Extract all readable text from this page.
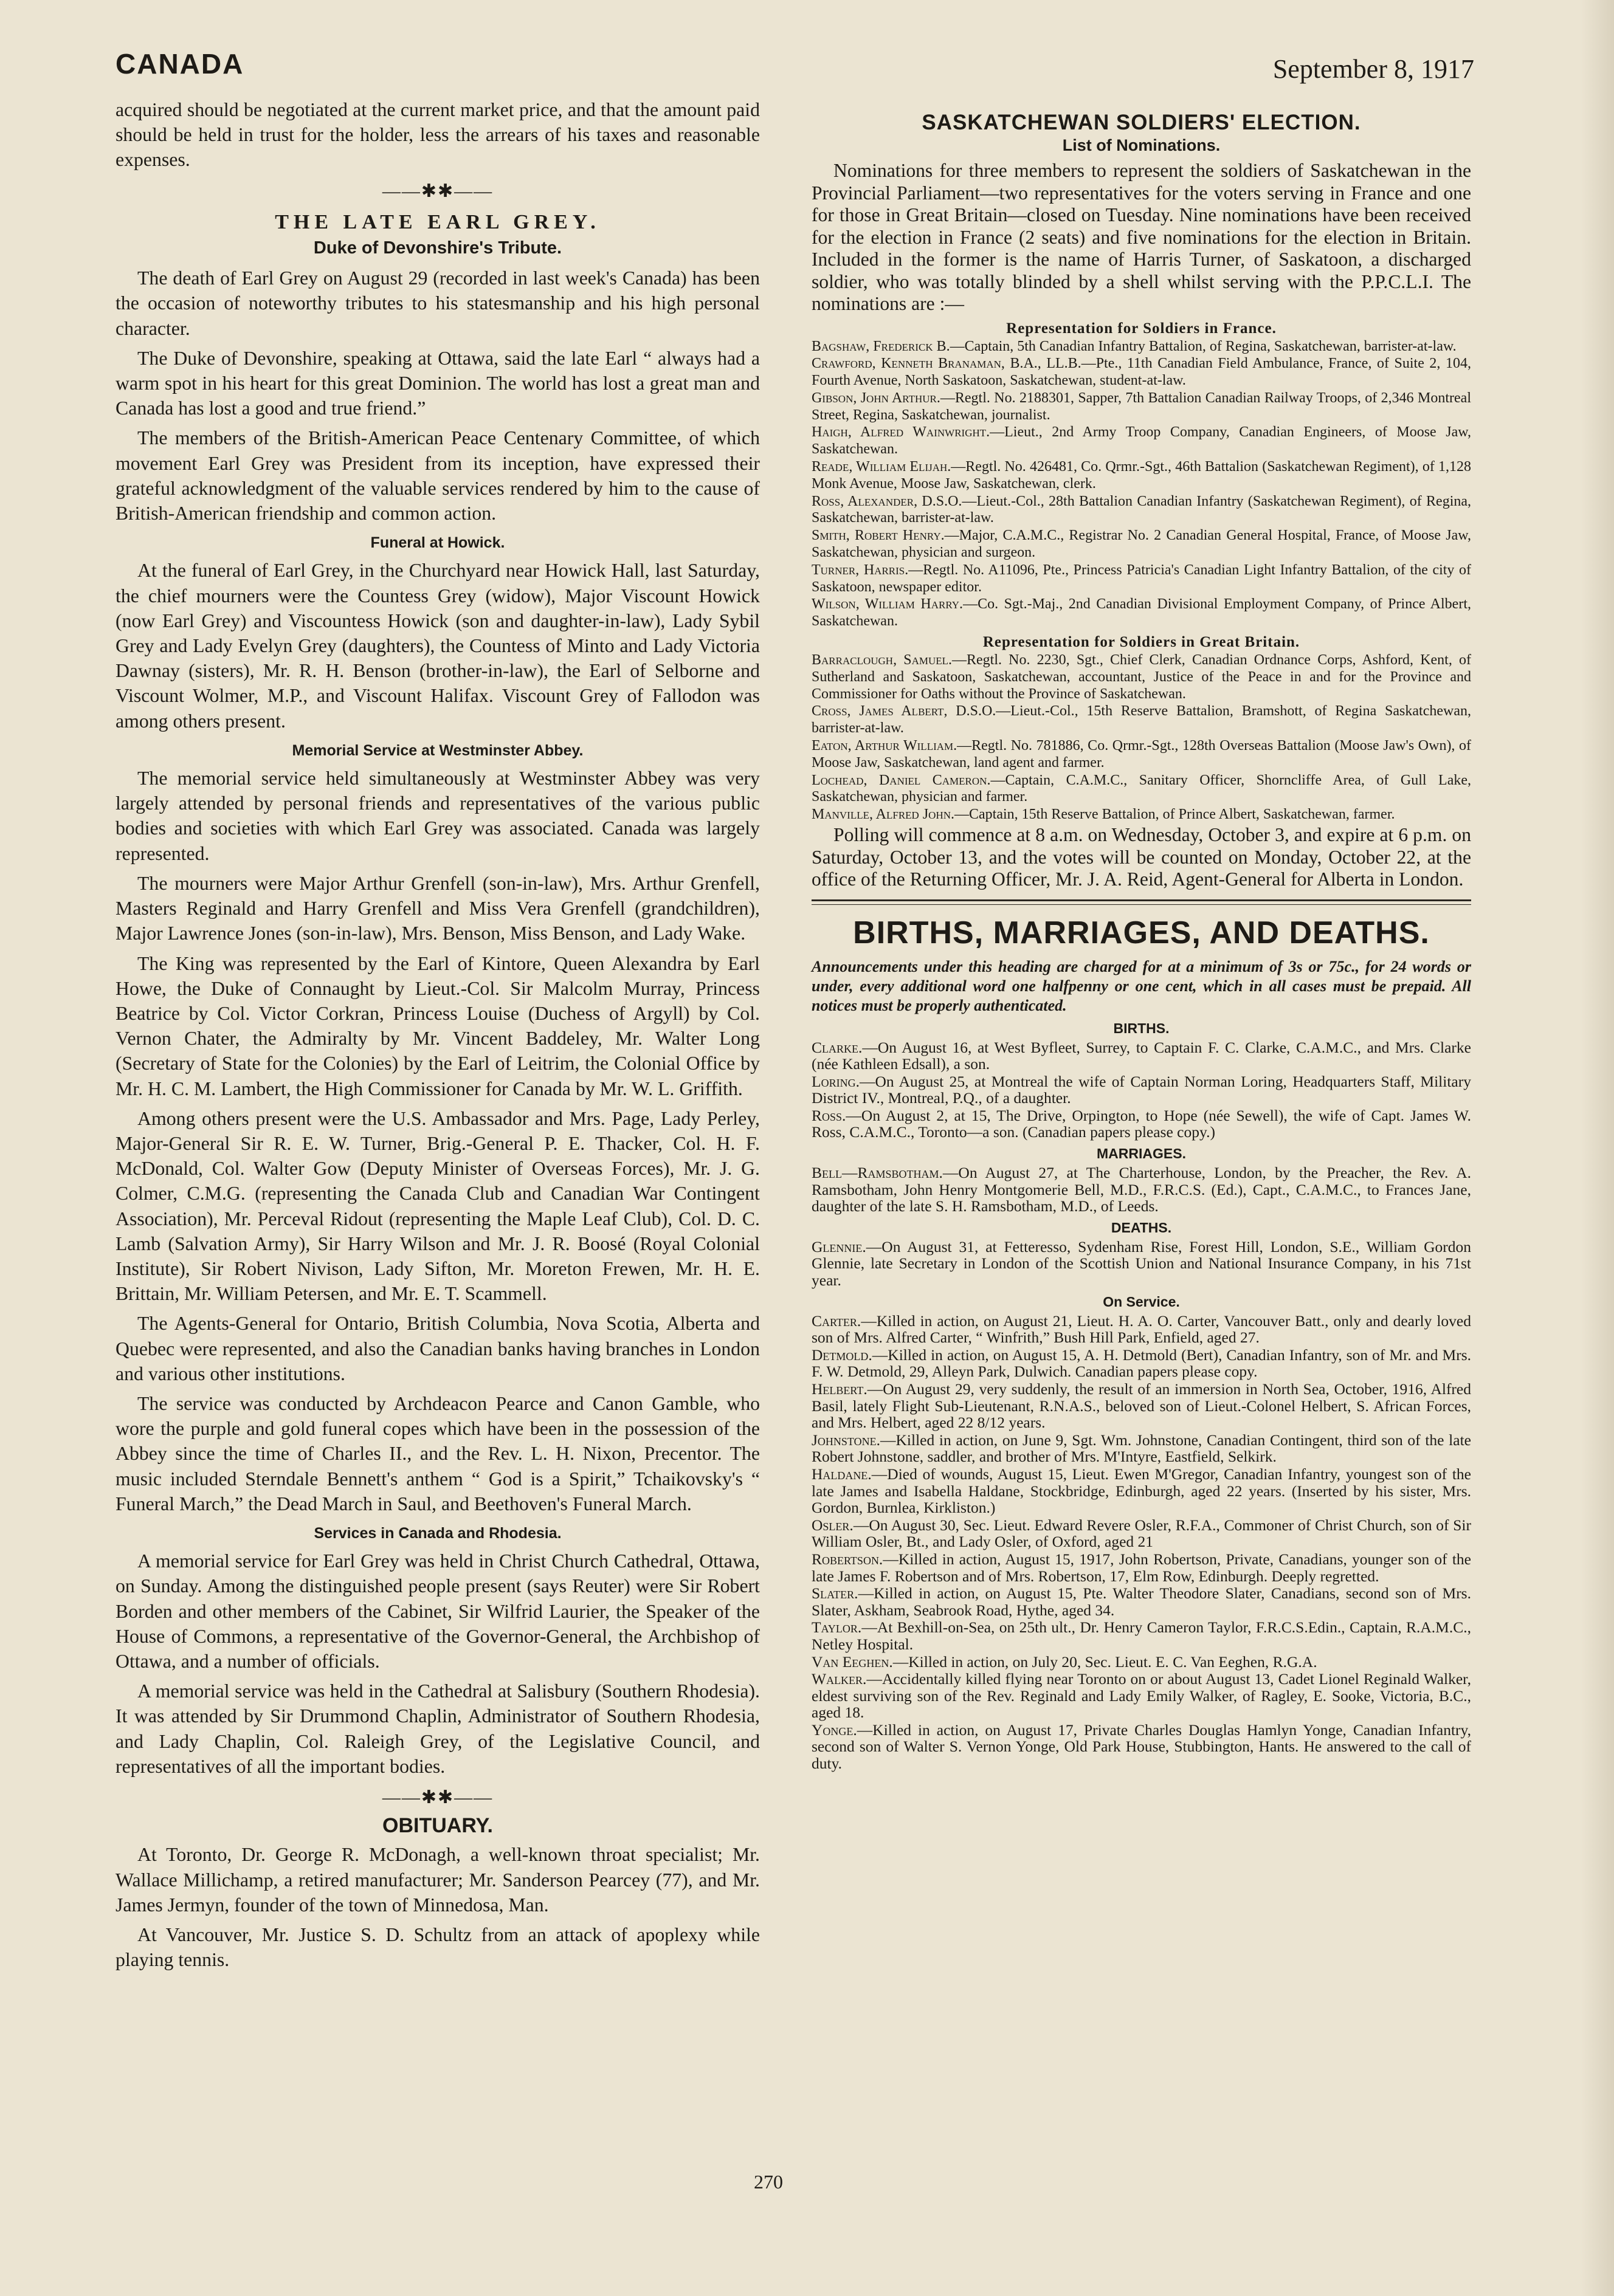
CANADA	September 8, 1917

acquired should be negotiated at the current market price, and that the amount paid should be held in trust for the holder, less the arrears of his taxes and reasonable expenses.

——✱✱——
THE LATE EARL GREY.
Duke of Devonshire's Tribute.

The death of Earl Grey on August 29 (recorded in last week's Canada) has been the occasion of noteworthy tributes to his statesmanship and his high personal character.

The Duke of Devonshire, speaking at Ottawa, said the late Earl “ always had a warm spot in his heart for this great Dominion. The world has lost a great man and Canada has lost a good and true friend.”

The members of the British-American Peace Centenary Committee, of which movement Earl Grey was President from its inception, have expressed their grateful acknowledgment of the valuable services rendered by him to the cause of British-American friendship and common action.

Funeral at Howick.

At the funeral of Earl Grey, in the Churchyard near Howick Hall, last Saturday, the chief mourners were the Countess Grey (widow), Major Viscount Howick (now Earl Grey) and Viscountess Howick (son and daughter-in-law), Lady Sybil Grey and Lady Evelyn Grey (daughters), the Countess of Minto and Lady Victoria Dawnay (sisters), Mr. R. H. Benson (brother-in-law), the Earl of Selborne and Viscount Wolmer, M.P., and Viscount Halifax. Viscount Grey of Fallodon was among others present.

Memorial Service at Westminster Abbey.

The memorial service held simultaneously at Westminster Abbey was very largely attended by personal friends and representatives of the various public bodies and societies with which Earl Grey was associated. Canada was largely represented.

The mourners were Major Arthur Grenfell (son-in-law), Mrs. Arthur Grenfell, Masters Reginald and Harry Grenfell and Miss Vera Grenfell (grandchildren), Major Lawrence Jones (son-in-law), Mrs. Benson, Miss Benson, and Lady Wake.

The King was represented by the Earl of Kintore, Queen Alexandra by Earl Howe, the Duke of Connaught by Lieut.-Col. Sir Malcolm Murray, Princess Beatrice by Col. Victor Corkran, Princess Louise (Duchess of Argyll) by Col. Vernon Chater, the Admiralty by Mr. Vincent Baddeley, Mr. Walter Long (Secretary of State for the Colonies) by the Earl of Leitrim, the Colonial Office by Mr. H. C. M. Lambert, the High Commissioner for Canada by Mr. W. L. Griffith.

Among others present were the U.S. Ambassador and Mrs. Page, Lady Perley, Major-General Sir R. E. W. Turner, Brig.-General P. E. Thacker, Col. H. F. McDonald, Col. Walter Gow (Deputy Minister of Overseas Forces), Mr. J. G. Colmer, C.M.G. (representing the Canada Club and Canadian War Contingent Association), Mr. Perceval Ridout (representing the Maple Leaf Club), Col. D. C. Lamb (Salvation Army), Sir Harry Wilson and Mr. J. R. Boosé (Royal Colonial Institute), Sir Robert Nivison, Lady Sifton, Mr. Moreton Frewen, Mr. H. E. Brittain, Mr. William Petersen, and Mr. E. T. Scammell.

The Agents-General for Ontario, British Columbia, Nova Scotia, Alberta and Quebec were represented, and also the Canadian banks having branches in London and various other institutions.

The service was conducted by Archdeacon Pearce and Canon Gamble, who wore the purple and gold funeral copes which have been in the possession of the Abbey since the time of Charles II., and the Rev. L. H. Nixon, Precentor. The music included Sterndale Bennett's anthem “ God is a Spirit,” Tchaikovsky's “ Funeral March,” the Dead March in Saul, and Beethoven's Funeral March.

Services in Canada and Rhodesia.

A memorial service for Earl Grey was held in Christ Church Cathedral, Ottawa, on Sunday. Among the distinguished people present (says Reuter) were Sir Robert Borden and other members of the Cabinet, Sir Wilfrid Laurier, the Speaker of the House of Commons, a representative of the Governor-General, the Archbishop of Ottawa, and a number of officials.

A memorial service was held in the Cathedral at Salisbury (Southern Rhodesia). It was attended by Sir Drummond Chaplin, Administrator of Southern Rhodesia, and Lady Chaplin, Col. Raleigh Grey, of the Legislative Council, and representatives of all the important bodies.

——✱✱——
OBITUARY.

At Toronto, Dr. George R. McDonagh, a well-known throat specialist; Mr. Wallace Millichamp, a retired manufacturer; Mr. Sanderson Pearcey (77), and Mr. James Jermyn, founder of the town of Minnedosa, Man.

At Vancouver, Mr. Justice S. D. Schultz from an attack of apoplexy while playing tennis.

SASKATCHEWAN SOLDIERS' ELECTION.
List of Nominations.

Nominations for three members to represent the soldiers of Saskatchewan in the Provincial Parliament—two representatives for the voters serving in France and one for those in Great Britain—closed on Tuesday. Nine nominations have been received for the election in France (2 seats) and five nominations for the election in Britain. Included in the former is the name of Harris Turner, of Saskatoon, a discharged soldier, who was totally blinded by a shell whilst serving with the P.P.C.L.I. The nominations are :—

Representation for Soldiers in France.

Bagshaw, Frederick B.—Captain, 5th Canadian Infantry Battalion, of Regina, Saskatchewan, barrister-at-law.

Crawford, Kenneth Branaman, B.A., LL.B.—Pte., 11th Canadian Field Ambulance, France, of Suite 2, 104, Fourth Avenue, North Saskatoon, Saskatchewan, student-at-law.

Gibson, John Arthur.—Regtl. No. 2188301, Sapper, 7th Battalion Canadian Railway Troops, of 2,346 Montreal Street, Regina, Saskatchewan, journalist.

Haigh, Alfred Wainwright.—Lieut., 2nd Army Troop Company, Canadian Engineers, of Moose Jaw, Saskatchewan.

Reade, William Elijah.—Regtl. No. 426481, Co. Qrmr.-Sgt., 46th Battalion (Saskatchewan Regiment), of 1,128 Monk Avenue, Moose Jaw, Saskatchewan, clerk.

Ross, Alexander, D.S.O.—Lieut.-Col., 28th Battalion Canadian Infantry (Saskatchewan Regiment), of Regina, Saskatchewan, barrister-at-law.

Smith, Robert Henry.—Major, C.A.M.C., Registrar No. 2 Canadian General Hospital, France, of Moose Jaw, Saskatchewan, physician and surgeon.

Turner, Harris.—Regtl. No. A11096, Pte., Princess Patricia's Canadian Light Infantry Battalion, of the city of Saskatoon, newspaper editor.

Wilson, William Harry.—Co. Sgt.-Maj., 2nd Canadian Divisional Employment Company, of Prince Albert, Saskatchewan.

Representation for Soldiers in Great Britain.

Barraclough, Samuel.—Regtl. No. 2230, Sgt., Chief Clerk, Canadian Ordnance Corps, Ashford, Kent, of Sutherland and Saskatoon, Saskatchewan, accountant, Justice of the Peace in and for the Province and Commissioner for Oaths without the Province of Saskatchewan.

Cross, James Albert, D.S.O.—Lieut.-Col., 15th Reserve Battalion, Bramshott, of Regina Saskatchewan, barrister-at-law.

Eaton, Arthur William.—Regtl. No. 781886, Co. Qrmr.-Sgt., 128th Overseas Battalion (Moose Jaw's Own), of Moose Jaw, Saskatchewan, land agent and farmer.

Lochead, Daniel Cameron.—Captain, C.A.M.C., Sanitary Officer, Shorncliffe Area, of Gull Lake, Saskatchewan, physician and farmer.

Manville, Alfred John.—Captain, 15th Reserve Battalion, of Prince Albert, Saskatchewan, farmer.

Polling will commence at 8 a.m. on Wednesday, October 3, and expire at 6 p.m. on Saturday, October 13, and the votes will be counted on Monday, October 22, at the office of the Returning Officer, Mr. J. A. Reid, Agent-General for Alberta in London.

BIRTHS, MARRIAGES, AND DEATHS.
Announcements under this heading are charged for at a minimum of 3s or 75c., for 24 words or under, every additional word one halfpenny or one cent, which in all cases must be prepaid. All notices must be properly authenticated.
BIRTHS.

Clarke.—On August 16, at West Byfleet, Surrey, to Captain F. C. Clarke, C.A.M.C., and Mrs. Clarke (née Kathleen Edsall), a son.

Loring.—On August 25, at Montreal the wife of Captain Norman Loring, Headquarters Staff, Military District IV., Montreal, P.Q., of a daughter.

Ross.—On August 2, at 15, The Drive, Orpington, to Hope (née Sewell), the wife of Capt. James W. Ross, C.A.M.C., Toronto—a son. (Canadian papers please copy.)

MARRIAGES.

Bell—Ramsbotham.—On August 27, at The Charterhouse, London, by the Preacher, the Rev. A. Ramsbotham, John Henry Montgomerie Bell, M.D., F.R.C.S. (Ed.), Capt., C.A.M.C., to Frances Jane, daughter of the late S. H. Ramsbotham, M.D., of Leeds.

DEATHS.

Glennie.—On August 31, at Fetteresso, Sydenham Rise, Forest Hill, London, S.E., William Gordon Glennie, late Secretary in London of the Scottish Union and National Insurance Company, in his 71st year.

On Service.

Carter.—Killed in action, on August 21, Lieut. H. A. O. Carter, Vancouver Batt., only and dearly loved son of Mrs. Alfred Carter, “ Winfrith,” Bush Hill Park, Enfield, aged 27.

Detmold.—Killed in action, on August 15, A. H. Detmold (Bert), Canadian Infantry, son of Mr. and Mrs. F. W. Detmold, 29, Alleyn Park, Dulwich. Canadian papers please copy.

Helbert.—On August 29, very suddenly, the result of an immersion in North Sea, October, 1916, Alfred Basil, lately Flight Sub-Lieutenant, R.N.A.S., beloved son of Lieut.-Colonel Helbert, S. African Forces, and Mrs. Helbert, aged 22 8/12 years.

Johnstone.—Killed in action, on June 9, Sgt. Wm. Johnstone, Canadian Contingent, third son of the late Robert Johnstone, saddler, and brother of Mrs. M'Intyre, Eastfield, Selkirk.

Haldane.—Died of wounds, August 15, Lieut. Ewen M'Gregor, Canadian Infantry, youngest son of the late James and Isabella Haldane, Stockbridge, Edinburgh, aged 22 years. (Inserted by his sister, Mrs. Gordon, Burnlea, Kirkliston.)

Osler.—On August 30, Sec. Lieut. Edward Revere Osler, R.F.A., Commoner of Christ Church, son of Sir William Osler, Bt., and Lady Osler, of Oxford, aged 21

Robertson.—Killed in action, August 15, 1917, John Robertson, Private, Canadians, younger son of the late James F. Robertson and of Mrs. Robertson, 17, Elm Row, Edinburgh. Deeply regretted.

Slater.—Killed in action, on August 15, Pte. Walter Theodore Slater, Canadians, second son of Mrs. Slater, Askham, Seabrook Road, Hythe, aged 34.

Taylor.—At Bexhill-on-Sea, on 25th ult., Dr. Henry Cameron Taylor, F.R.C.S.Edin., Captain, R.A.M.C., Netley Hospital.

Van Eeghen.—Killed in action, on July 20, Sec. Lieut. E. C. Van Eeghen, R.G.A.

Walker.—Accidentally killed flying near Toronto on or about August 13, Cadet Lionel Reginald Walker, eldest surviving son of the Rev. Reginald and Lady Emily Walker, of Ragley, E. Sooke, Victoria, B.C., aged 18.

Yonge.—Killed in action, on August 17, Private Charles Douglas Hamlyn Yonge, Canadian Infantry, second son of Walter S. Vernon Yonge, Old Park House, Stubbington, Hants. He answered to the call of duty.

270
